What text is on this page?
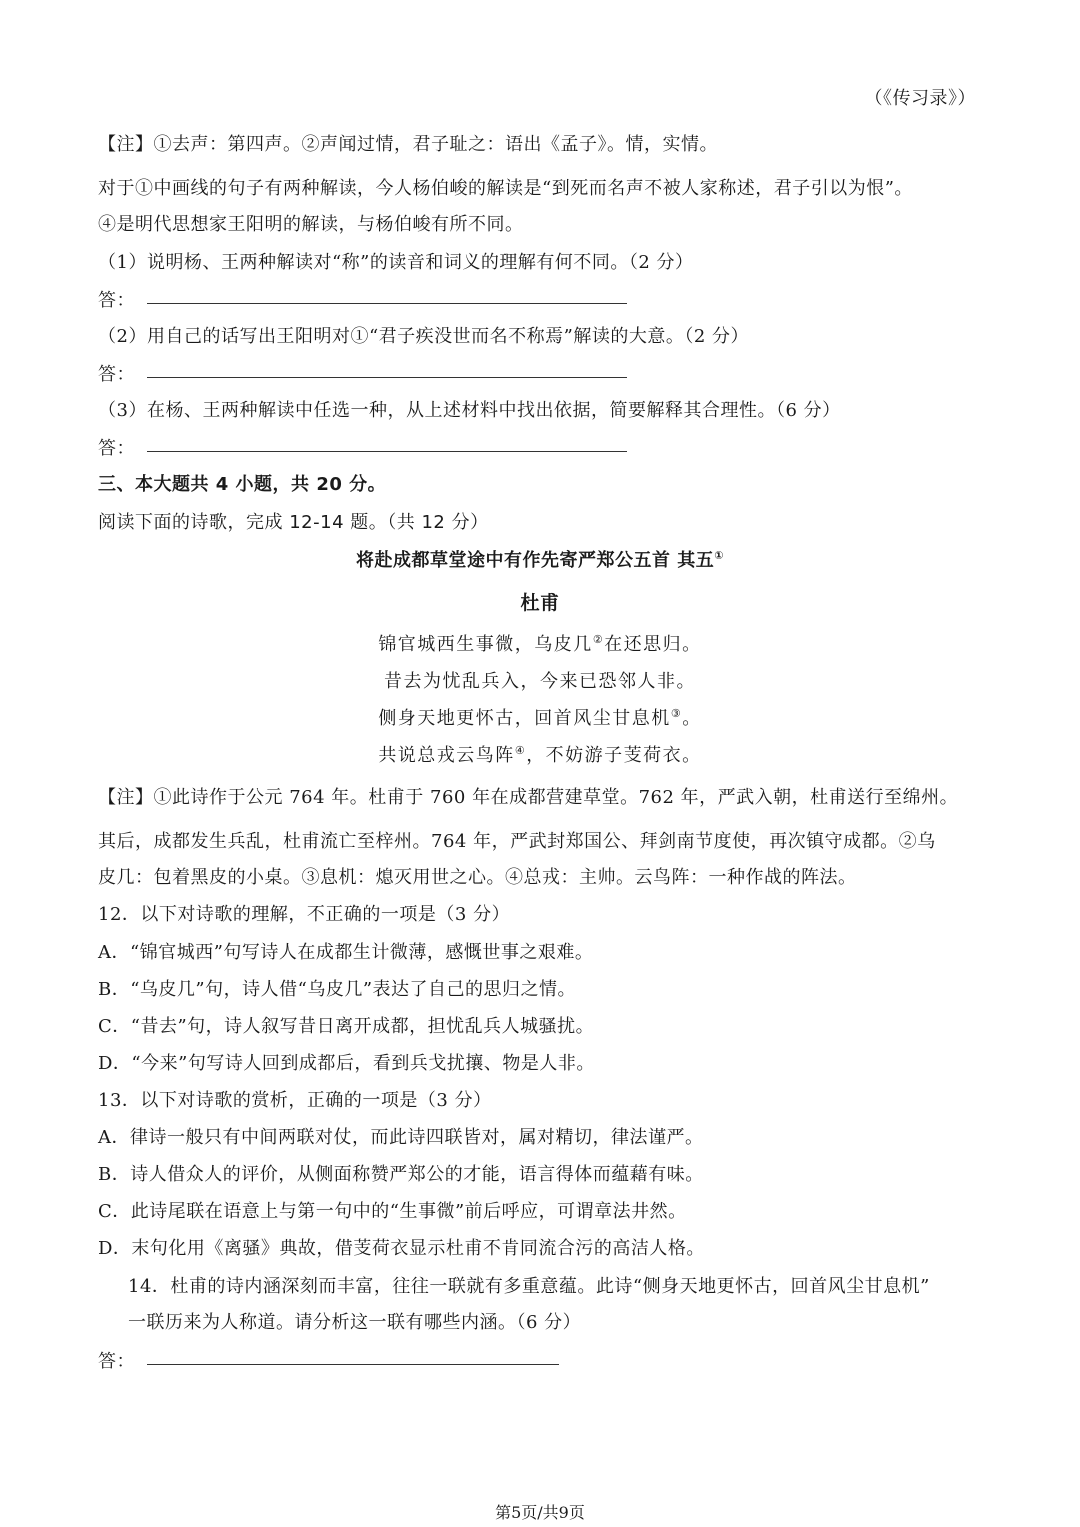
（《传习录》）
【注】①去声：第四声。②声闻过情，君子耻之：语出《孟子》。情，实情。
对于①中画线的句子有两种解读，今人杨伯峻的解读是“到死而名声不被人家称述，君子引以为恨”。
④是明代思想家王阳明的解读，与杨伯峻有所不同。
（1）说明杨、王两种解读对“称”的读音和词义的理解有何不同。（2 分）
答：
（2）用自己的话写出王阳明对①“君子疾没世而名不称焉”解读的大意。（2 分）
答：
（3）在杨、王两种解读中任选一种，从上述材料中找出依据，简要解释其合理性。（6 分）
答：
三、本大题共 4 小题，共 20 分。
阅读下面的诗歌，完成 12-14 题。（共 12 分）
将赴成都草堂途中有作先寄严郑公五首 其五①
杜甫
锦官城西生事微，乌皮几②在还思归。
昔去为忧乱兵入，今来已恐邻人非。
侧身天地更怀古，回首风尘甘息机③。
共说总戎云鸟阵④，不妨游子芰荷衣。
【注】①此诗作于公元 764 年。杜甫于 760 年在成都营建草堂。762 年，严武入朝，杜甫送行至绵州。
其后，成都发生兵乱，杜甫流亡至梓州。764 年，严武封郑国公、拜剑南节度使，再次镇守成都。②乌
皮几：包着黑皮的小桌。③息机：熄灭用世之心。④总戎：主帅。云鸟阵：一种作战的阵法。
12．以下对诗歌的理解，不正确的一项是（3 分）
A．“锦官城西”句写诗人在成都生计微薄，感慨世事之艰难。
B．“乌皮几”句，诗人借“乌皮几”表达了自己的思归之情。
C．“昔去”句，诗人叙写昔日离开成都，担忧乱兵人城骚扰。
D．“今来”句写诗人回到成都后，看到兵戈扰攘、物是人非。
13．以下对诗歌的赏析，正确的一项是（3 分）
A．律诗一般只有中间两联对仗，而此诗四联皆对，属对精切，律法谨严。
B．诗人借众人的评价，从侧面称赞严郑公的才能，语言得体而蕴藉有味。
C．此诗尾联在语意上与第一句中的“生事微”前后呼应，可谓章法井然。
D．末句化用《离骚》典故，借芰荷衣显示杜甫不肯同流合污的高洁人格。
14．杜甫的诗内涵深刻而丰富，往往一联就有多重意蕴。此诗“侧身天地更怀古，回首风尘甘息机”
一联历来为人称道。请分析这一联有哪些内涵。（6 分）
答：
第5页/共9页
